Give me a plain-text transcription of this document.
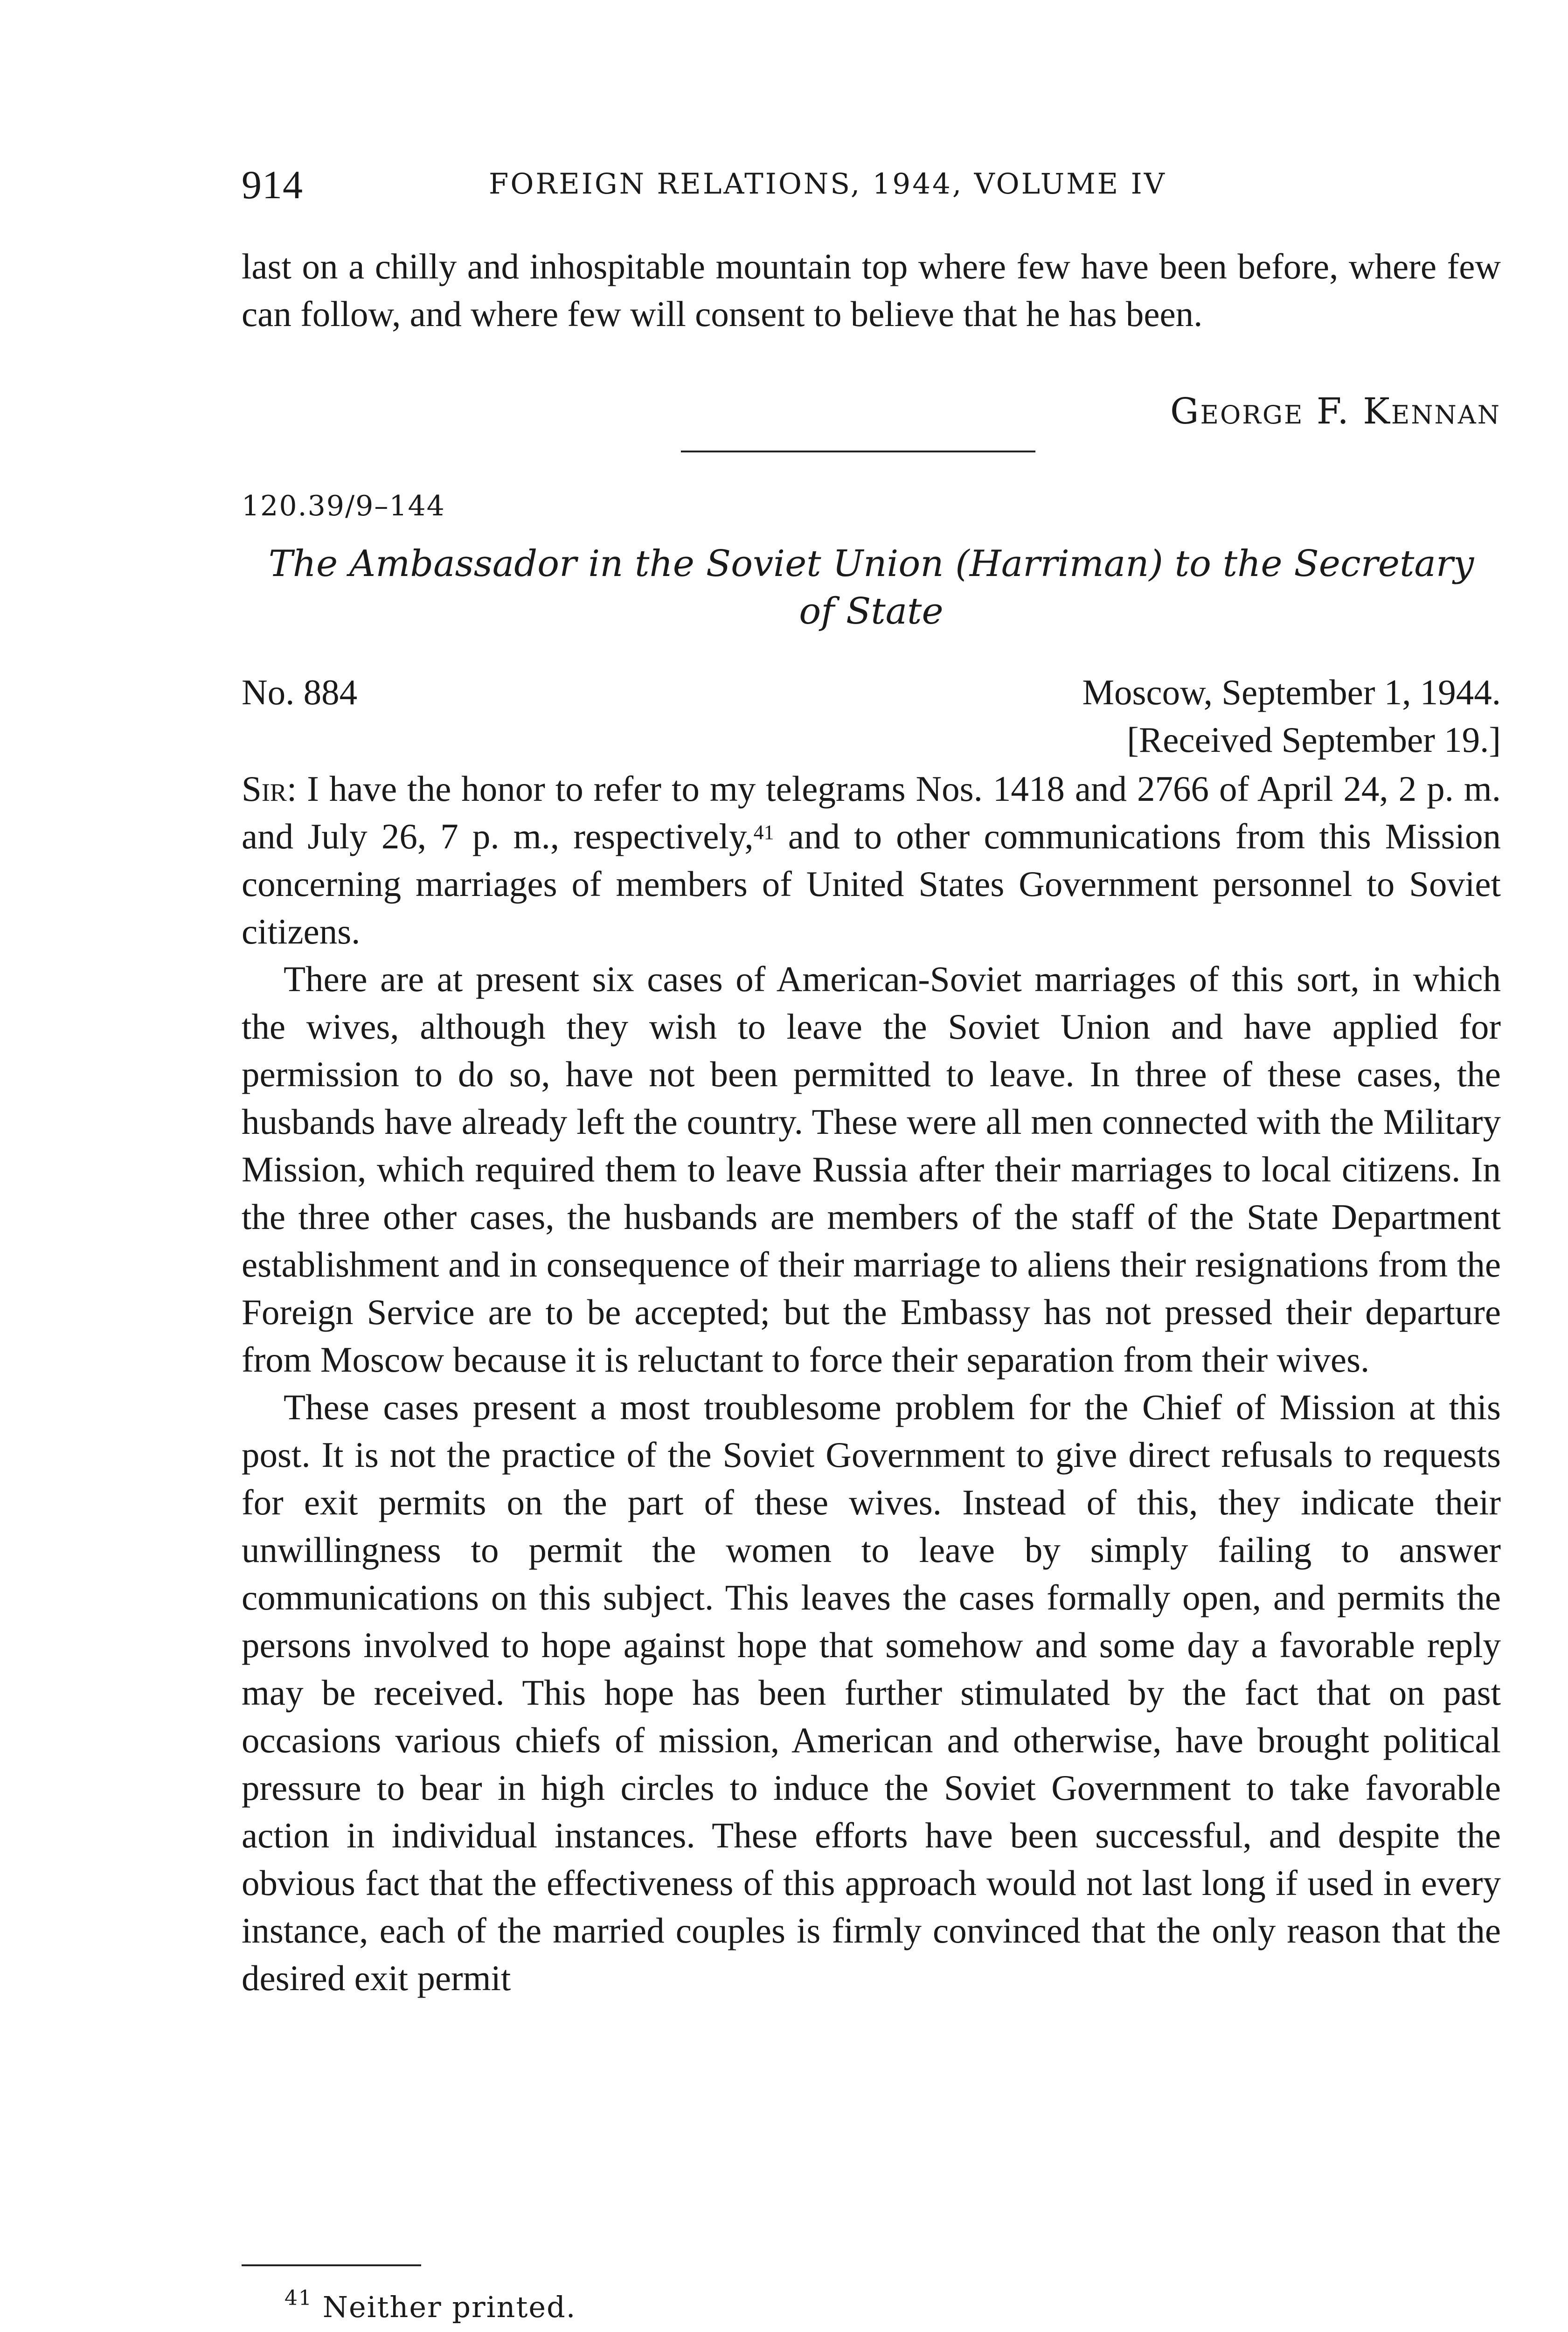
914	FOREIGN RELATIONS, 1944, VOLUME IV

last on a chilly and inhospitable mountain top where few have been before, where few can follow, and where few will consent to believe that he has been.

George F. Kennan
120.39/9–144
The Ambassador in the Soviet Union (Harriman) to the Secretary
of State
No. 884	Moscow, September 1, 1944.
[Received September 19.]

Sir: I have the honor to refer to my telegrams Nos. 1418 and 2766 of April 24, 2 p. m. and July 26, 7 p. m., respectively,$^{41}$ and to other communications from this Mission concerning marriages of members of United States Government personnel to Soviet citizens.

There are at present six cases of American-Soviet marriages of this sort, in which the wives, although they wish to leave the Soviet Union and have applied for permission to do so, have not been permitted to leave. In three of these cases, the husbands have already left the country. These were all men connected with the Military Mission, which required them to leave Russia after their marriages to local citizens. In the three other cases, the husbands are members of the staff of the State Department establishment and in consequence of their marriage to aliens their resignations from the Foreign Service are to be accepted; but the Embassy has not pressed their departure from Moscow because it is reluctant to force their separation from their wives.

These cases present a most troublesome problem for the Chief of Mission at this post. It is not the practice of the Soviet Government to give direct refusals to requests for exit permits on the part of these wives. Instead of this, they indicate their unwillingness to permit the women to leave by simply failing to answer communications on this subject. This leaves the cases formally open, and permits the persons involved to hope against hope that somehow and some day a favorable reply may be received. This hope has been further stimulated by the fact that on past occasions various chiefs of mission, American and otherwise, have brought political pressure to bear in high circles to induce the Soviet Government to take favorable action in individual instances. These efforts have been successful, and despite the obvious fact that the effectiveness of this approach would not last long if used in every instance, each of the married couples is firmly convinced that the only reason that the desired exit permit

$^{41}$ Neither printed.
